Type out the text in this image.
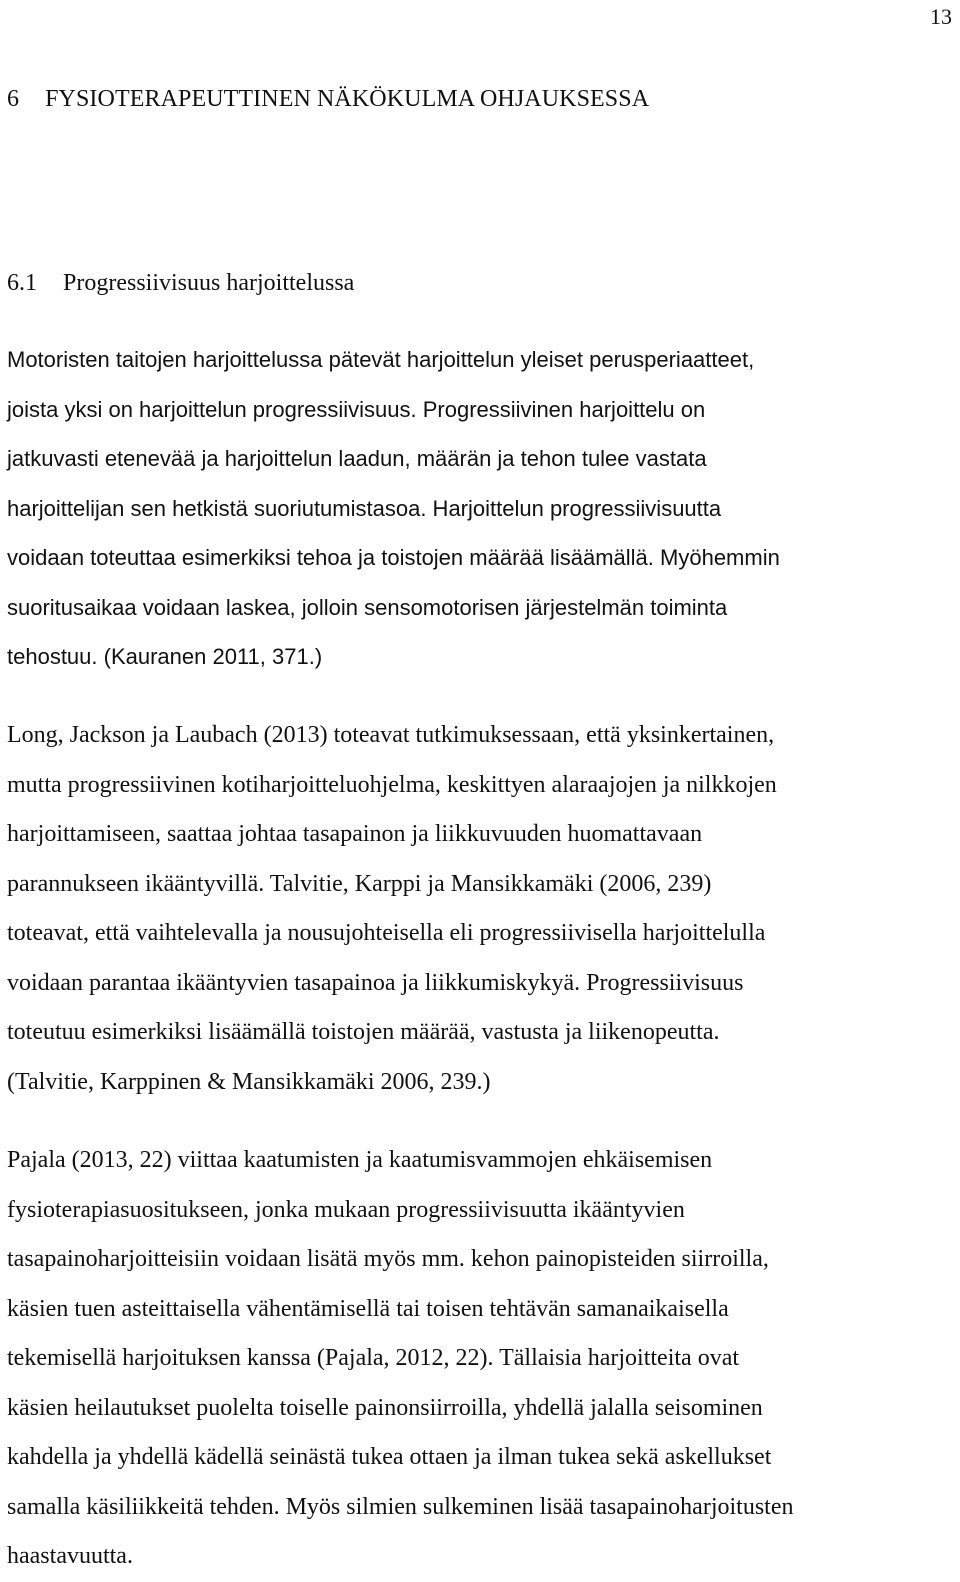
13
6 FYSIOTERAPEUTTINEN NÄKÖKULMA OHJAUKSESSA
6.1 Progressiivisuus harjoittelussa
Motoristen taitojen harjoittelussa pätevät harjoittelun yleiset perusperiaatteet,
joista yksi on harjoittelun progressiivisuus. Progressiivinen harjoittelu on
jatkuvasti etenevää ja harjoittelun laadun, määrän ja tehon tulee vastata
harjoittelijan sen hetkistä suoriutumistasoa. Harjoittelun progressiivisuutta
voidaan toteuttaa esimerkiksi tehoa ja toistojen määrää lisäämällä. Myöhemmin
suoritusaikaa voidaan laskea, jolloin sensomotorisen järjestelmän toiminta
tehostuu. (Kauranen 2011, 371.)
Long, Jackson ja Laubach (2013) toteavat tutkimuksessaan, että yksinkertainen,
mutta progressiivinen kotiharjoitteluohjelma, keskittyen alaraajojen ja nilkkojen
harjoittamiseen, saattaa johtaa tasapainon ja liikkuvuuden huomattavaan
parannukseen ikääntyvillä. Talvitie, Karppi ja Mansikkamäki (2006, 239)
toteavat, että vaihtelevalla ja nousujohteisella eli progressiivisella harjoittelulla
voidaan parantaa ikääntyvien tasapainoa ja liikkumiskykyä. Progressiivisuus
toteutuu esimerkiksi lisäämällä toistojen määrää, vastusta ja liikenopeutta.
(Talvitie, Karppinen & Mansikkamäki 2006, 239.)
Pajala (2013, 22) viittaa kaatumisten ja kaatumisvammojen ehkäisemisen
fysioterapiasuositukseen, jonka mukaan progressiivisuutta ikääntyvien
tasapainoharjoitteisiin voidaan lisätä myös mm. kehon painopisteiden siirroilla,
käsien tuen asteittaisella vähentämisellä tai toisen tehtävän samanaikaisella
tekemisellä harjoituksen kanssa (Pajala, 2012, 22). Tällaisia harjoitteita ovat
käsien heilautukset puolelta toiselle painonsiirroilla, yhdellä jalalla seisominen
kahdella ja yhdellä kädellä seinästä tukea ottaen ja ilman tukea sekä askellukset
samalla käsiliikkeitä tehden. Myös silmien sulkeminen lisää tasapainoharjoitusten
haastavuutta.
